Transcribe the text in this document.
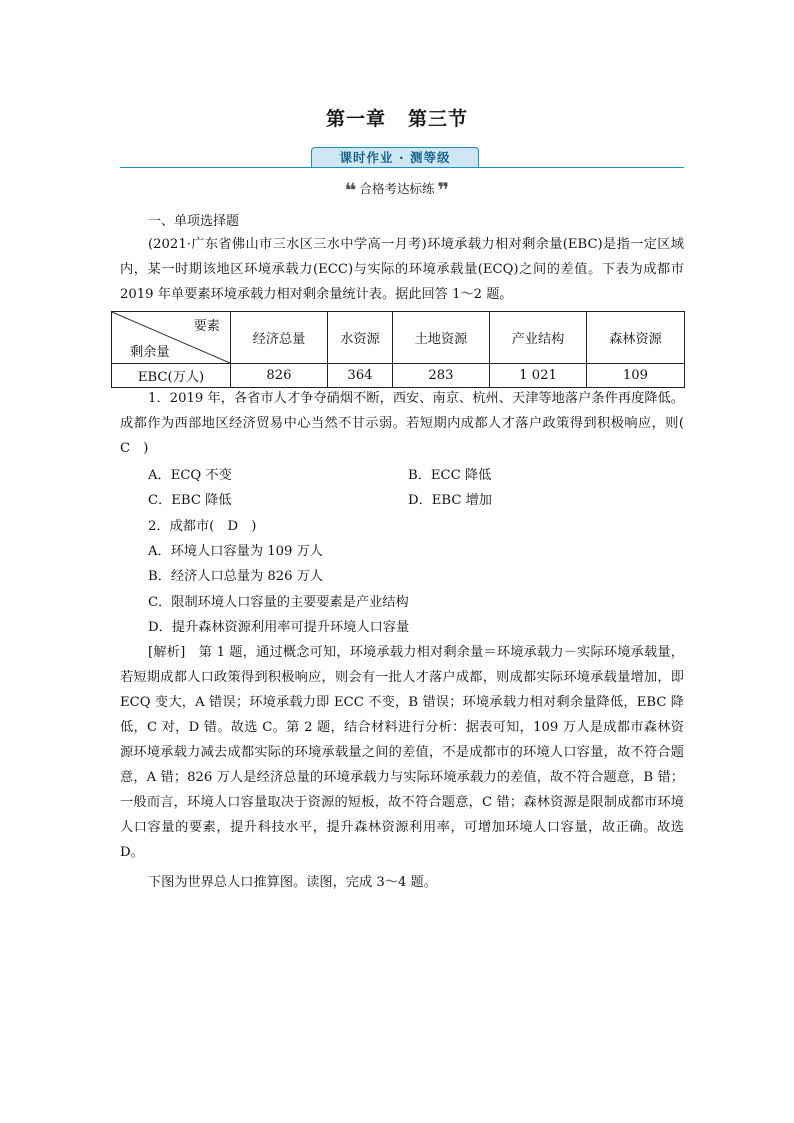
第一章 第三节
课时作业 · 测等级
❝ 合格考达标练 ❞
一、单项选择题
(2021·广东省佛山市三水区三水中学高一月考)环境承载力相对剩余量(EBC)是指一定区域内，某一时期该地区环境承载力(ECC)与实际的环境承载量(ECQ)之间的差值。下表为成都市 2019 年单要素环境承载力相对剩余量统计表。据此回答 1～2 题。
要素
剩余量	经济总量	水资源	土地资源	产业结构	森林资源
EBC(万人)	826	364	283	1 021	109
1．2019 年，各省市人才争夺硝烟不断，西安、南京、杭州、天津等地落户条件再度降低。成都作为西部地区经济贸易中心当然不甘示弱。若短期内成都人才落户政策得到积极响应，则(　C　)
A．ECQ 不变	B．ECC 降低
C．EBC 降低	D．EBC 增加
2．成都市(　D　)
A．环境人口容量为 109 万人
B．经济人口总量为 826 万人
C．限制环境人口容量的主要要素是产业结构
D．提升森林资源利用率可提升环境人口容量
[解析]　第 1 题，通过概念可知，环境承载力相对剩余量＝环境承载力－实际环境承载量，若短期成都人口政策得到积极响应，则会有一批人才落户成都，则成都实际环境承载量增加，即 ECQ 变大，A 错误；环境承载力即 ECC 不变，B 错误；环境承载力相对剩余量降低，EBC 降低，C 对，D 错。故选 C。第 2 题，结合材料进行分析：据表可知，109 万人是成都市森林资源环境承载力减去成都实际的环境承载量之间的差值，不是成都市的环境人口容量，故不符合题意，A 错；826 万人是经济总量的环境承载力与实际环境承载力的差值，故不符合题意，B 错；一般而言，环境人口容量取决于资源的短板，故不符合题意，C 错；森林资源是限制成都市环境人口容量的要素，提升科技水平，提升森林资源利用率，可增加环境人口容量，故正确。故选 D。
下图为世界总人口推算图。读图，完成 3～4 题。
